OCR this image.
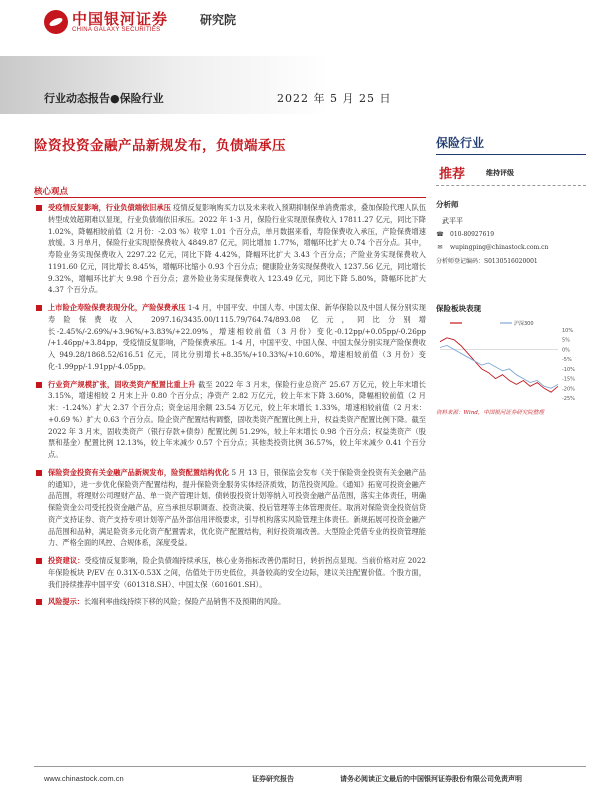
中国银河证券
CHINA GALAXY SECURITIES
研究院
行业动态报告●保险行业	2022 年 5 月 25 日
险资投资金融产品新规发布，负债端承压
核心观点
受疫情反复影响，行业负债端依旧承压 疫情反复影响购买力以及未来收入预期抑制保单消费需求，叠加保险代理人队伍转型成效超期难以显现，行业负债端依旧承压。2022 年 1-3 月，保险行业实现原保费收入 17811.27 亿元，同比下降 1.02%，降幅相较前值（2 月份：-2.03 %）收窄 1.01 个百分点，单月数据来看，寿险保费收入承压，产险保费增速放缓。3 月单月，保险行业实现原保费收入 4849.87 亿元，同比增加 1.77%，增幅环比扩大 0.74 个百分点。其中，寿险业务实现保费收入 2297.22 亿元，同比下降 4.42%，降幅环比扩大 3.43 个百分点；产险业务实现保费收入 1191.60 亿元，同比增长 8.45%，增幅环比缩小 0.93 个百分点；健康险业务实现保费收入 1237.56 亿元，同比增长 9.32%，增幅环比扩大 9.98 个百分点；意外险业务实现保费收入 123.49 亿元，同比下降 5.80%，降幅环比扩大 4.37 个百分点。
上市险企寿险保费表现分化，产险保费承压 1-4 月，中国平安、中国人寿、中国太保、新华保险以及中国人保分别实现寿险保费收入 2097.16/3435.00/1115.79/764.74/893.08 亿元，同比分别增长-2.45%/-2.69%/+3.96%/+3.83%/+22.09%，增速相较前值（3 月份）变化-0.12pp/+0.05pp/-0.26pp /+1.46pp/+3.84pp，受疫情反复影响，产险保费承压。1-4 月，中国平安、中国人保、中国太保分别实现产险保费收入 949.28/1868.52/616.51 亿元，同比分别增长+8.35%/+10.33%/+10.60%，增速相较前值（3 月份）变化-1.99pp/-1.91pp/-4.05pp。
行业资产规模扩张，固收类资产配置比重上升 截至 2022 年 3 月末，保险行业总资产 25.67 万亿元，较上年末增长 3.15%，增速相较 2 月末上升 0.80 个百分点；净资产 2.82 万亿元，较上年末下降 3.60%，降幅相较前值（2 月末：-1.24%）扩大 2.37 个百分点；资金运用余额 23.54 万亿元，较上年末增长 1.33%，增速相较前值（2 月末：+0.69 %）扩大 0.63 个百分点。险企资产配置结构调整，固收类资产配置比例上升，权益类资产配置比例下降。截至 2022 年 3 月末，固收类资产（银行存款+债券）配置比例 51.29%，较上年末增长 0.98 个百分点；权益类资产（股票和基金）配置比例 12.13%，较上年末减少 0.57 个百分点；其他类投资比例 36.57%，较上年末减少 0.41 个百分点。
保险资金投资有关金融产品新规发布，险资配置结构优化 5 月 13 日，银保监会发布《关于保险资金投资有关金融产品的通知》，进一步优化保险资产配置结构，提升保险资金服务实体经济质效，防范投资风险。《通知》拓宽可投资金融产品范围，将理财公司理财产品、单一资产管理计划、债转股投资计划等纳入可投资金融产品范围，落实主体责任，明确保险资金公司受托投资金融产品，应当承担尽职调查、投资决策、投后管理等主体管理责任。取消对保险资金投资信贷资产支持证券、资产支持专项计划等产品外部信用评级要求，引导机构落实风险管理主体责任。新规拓展可投资金融产品范围和品种，满足险资多元化资产配置需求，优化资产配置结构，利好投资端改善。大型险企凭借专业的投资管理能力、严格全面的风控、合规体系，深度受益。
投资建议：受疫情反复影响，险企负债端持续承压，核心业务指标改善仍需时日，转折拐点显现。当前价格对应 2022 年保险板块 P/EV 在 0.31X-0.53X 之间，估值处于历史低位，具备较高的安全边际，建议关注配置价值。个股方面，我们持续推荐中国平安（601318.SH）、中国太保（601601.SH）。
风险提示：长端利率曲线持续下移的风险；保险产品销售不及预期的风险。
保险行业
推荐	维持评级
分析师
武平平
☎ 010-80927619
✉ wupingping@chinastock.com.cn
分析师登记编码：S0130516020001
保险板块表现
10%
5%
0%
-5%
-10%
-15%
-20%
-25%
沪深300
资料来源：Wind，中国银河证券研究院整理
www.chinastock.com.cn	证券研究报告	请务必阅读正文最后的中国银河证券股份有限公司免责声明
